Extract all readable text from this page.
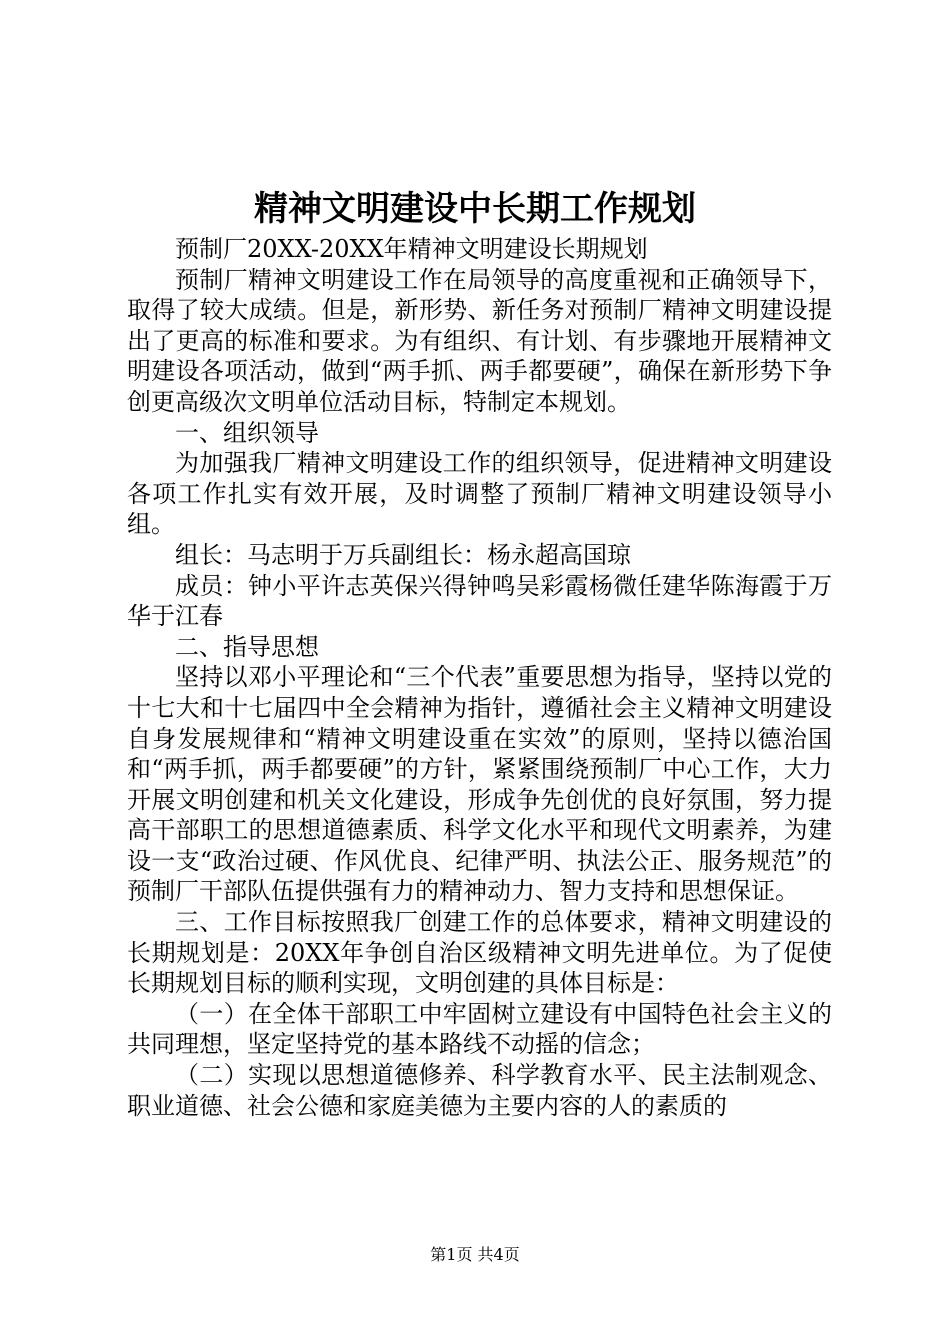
精神文明建设中长期工作规划

预制厂20XX-20XX年精神文明建设长期规划

预制厂精神文明建设工作在局领导的高度重视和正确领导下，取得了较大成绩。但是，新形势、新任务对预制厂精神文明建设提出了更高的标准和要求。为有组织、有计划、有步骤地开展精神文明建设各项活动，做到“两手抓、两手都要硬”，确保在新形势下争创更高级次文明单位活动目标，特制定本规划。

一、组织领导

为加强我厂精神文明建设工作的组织领导，促进精神文明建设各项工作扎实有效开展，及时调整了预制厂精神文明建设领导小组。

组长：马志明于万兵副组长：杨永超高国琼

成员：钟小平许志英保兴得钟鸣吴彩霞杨微任建华陈海霞于万华于江春

二、指导思想

坚持以邓小平理论和“三个代表”重要思想为指导，坚持以党的十七大和十七届四中全会精神为指针，遵循社会主义精神文明建设自身发展规律和“精神文明建设重在实效”的原则，坚持以德治国和“两手抓，两手都要硬”的方针，紧紧围绕预制厂中心工作，大力开展文明创建和机关文化建设，形成争先创优的良好氛围，努力提高干部职工的思想道德素质、科学文化水平和现代文明素养，为建设一支“政治过硬、作风优良、纪律严明、执法公正、服务规范”的预制厂干部队伍提供强有力的精神动力、智力支持和思想保证。

三、工作目标按照我厂创建工作的总体要求，精神文明建设的长期规划是：20XX年争创自治区级精神文明先进单位。为了促使长期规划目标的顺利实现，文明创建的具体目标是：

（一）在全体干部职工中牢固树立建设有中国特色社会主义的共同理想，坚定坚持党的基本路线不动摇的信念；

（二）实现以思想道德修养、科学教育水平、民主法制观念、职业道德、社会公德和家庭美德为主要内容的人的素质的

第1页 共4页
